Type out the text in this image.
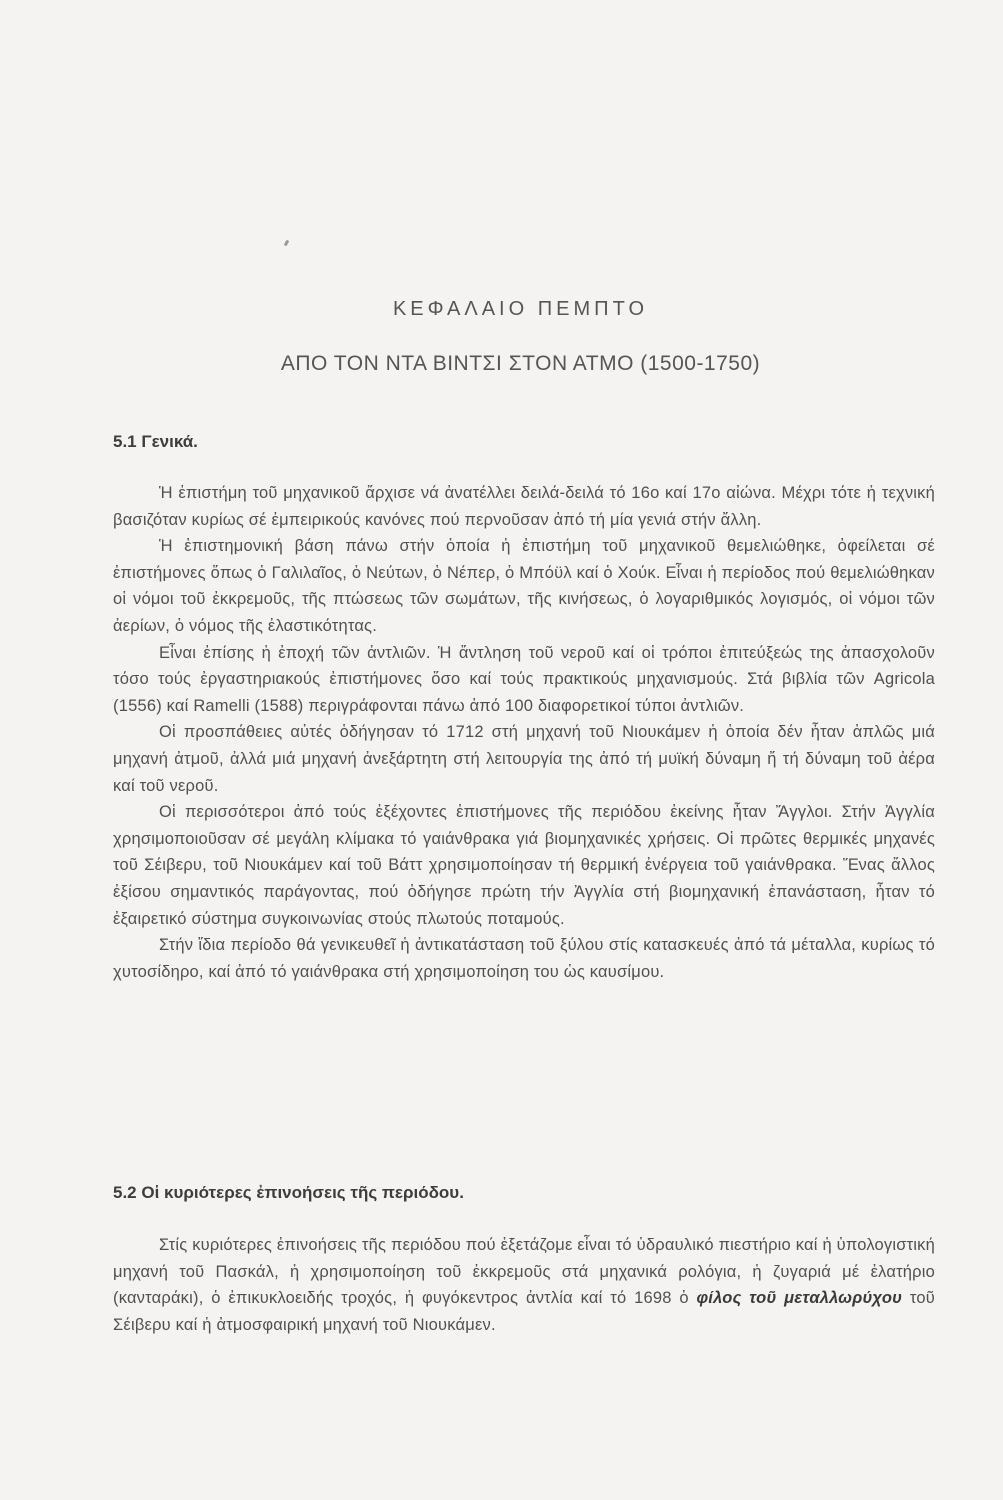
ΚΕΦΑΛΑΙΟ ΠΕΜΠΤΟ
ΑΠΟ ΤΟΝ ΝΤΑ ΒΙΝΤΣΙ ΣΤΟΝ ΑΤΜΟ (1500-1750)
5.1 Γενικά.

Ἡ ἐπιστήμη τοῦ μηχανικοῦ ἄρχισε νά ἀνατέλλει δειλά-δειλά τό 16ο καί 17ο αἰώνα. Μέχρι τότε ἡ τεχνική βασιζόταν κυρίως σέ ἐμπειρικούς κανόνες πού περνοῦσαν ἀπό τή μία γενιά στήν ἄλλη.

Ἡ ἐπιστημονική βάση πάνω στήν ὁποία ἡ ἐπιστήμη τοῦ μηχανικοῦ θεμελιώθηκε, ὀφείλεται σέ ἐπιστήμονες ὅπως ὁ Γαλιλαῖος, ὁ Νεύτων, ὁ Νέπερ, ὁ Μπόϋλ καί ὁ Χούκ. Εἶναι ἡ περίοδος πού θεμελιώθηκαν οἱ νόμοι τοῦ ἐκκρεμοῦς, τῆς πτώσεως τῶν σωμάτων, τῆς κινήσεως, ὁ λογαριθμικός λογισμός, οἱ νόμοι τῶν ἀερίων, ὁ νόμος τῆς ἐλαστικότητας.

Εἶναι ἐπίσης ἡ ἐποχή τῶν ἀντλιῶν. Ἡ ἄντληση τοῦ νεροῦ καί οἱ τρόποι ἐπιτεύξεώς της ἀπασχολοῦν τόσο τούς ἐργαστηριακούς ἐπιστήμονες ὅσο καί τούς πρακτικούς μηχανισμούς. Στά βιβλία τῶν Agricola (1556) καί Ramelli (1588) περιγράφονται πάνω ἀπό 100 διαφορετικοί τύποι ἀντλιῶν.

Οἱ προσπάθειες αὐτές ὁδήγησαν τό 1712 στή μηχανή τοῦ Νιουκάμεν ἡ ὁποία δέν ἦταν ἁπλῶς μιά μηχανή ἀτμοῦ, ἀλλά μιά μηχανή ἀνεξάρτητη στή λειτουργία της ἀπό τή μυϊκή δύναμη ἤ τή δύναμη τοῦ ἀέρα καί τοῦ νεροῦ.

Οἱ περισσότεροι ἀπό τούς ἐξέχοντες ἐπιστήμονες τῆς περιόδου ἐκείνης ἦταν Ἄγγλοι. Στήν Ἀγγλία χρησιμοποιοῦσαν σέ μεγάλη κλίμακα τό γαιάνθρακα γιά βιομηχανικές χρήσεις. Οἱ πρῶτες θερμικές μηχανές τοῦ Σέιβερυ, τοῦ Νιουκάμεν καί τοῦ Βάττ χρησιμοποίησαν τή θερμική ἐνέργεια τοῦ γαιάνθρακα. Ἕνας ἄλλος ἐξίσου σημαντικός παράγοντας, πού ὁδήγησε πρώτη τήν Ἀγγλία στή βιομηχανική ἐπανάσταση, ἦταν τό ἐξαιρετικό σύστημα συγκοινωνίας στούς πλωτούς ποταμούς.

Στήν ἴδια περίοδο θά γενικευθεῖ ἡ ἀντικατάσταση τοῦ ξύλου στίς κατασκευές ἀπό τά μέταλλα, κυρίως τό χυτοσίδηρο, καί ἀπό τό γαιάνθρακα στή χρησιμοποίηση του ὡς καυσίμου.

5.2 Οἱ κυριότερες ἐπινοήσεις τῆς περιόδου.

Στίς κυριότερες ἐπινοήσεις τῆς περιόδου πού ἐξετάζομε εἶναι τό ὑδραυλικό πιεστήριο καί ἡ ὑπολογιστική μηχανή τοῦ Πασκάλ, ἡ χρησιμοποίηση τοῦ ἐκκρεμοῦς στά μηχανικά ρολόγια, ἡ ζυγαριά μέ ἐλατήριο (κανταράκι), ὁ ἐπικυκλοειδής τροχός, ἡ φυγόκεντρος ἀντλία καί τό 1698 ὁ φίλος τοῦ μεταλλωρύχου τοῦ Σέιβερυ καί ἡ ἀτμοσφαιρική μηχανή τοῦ Νιουκάμεν.
